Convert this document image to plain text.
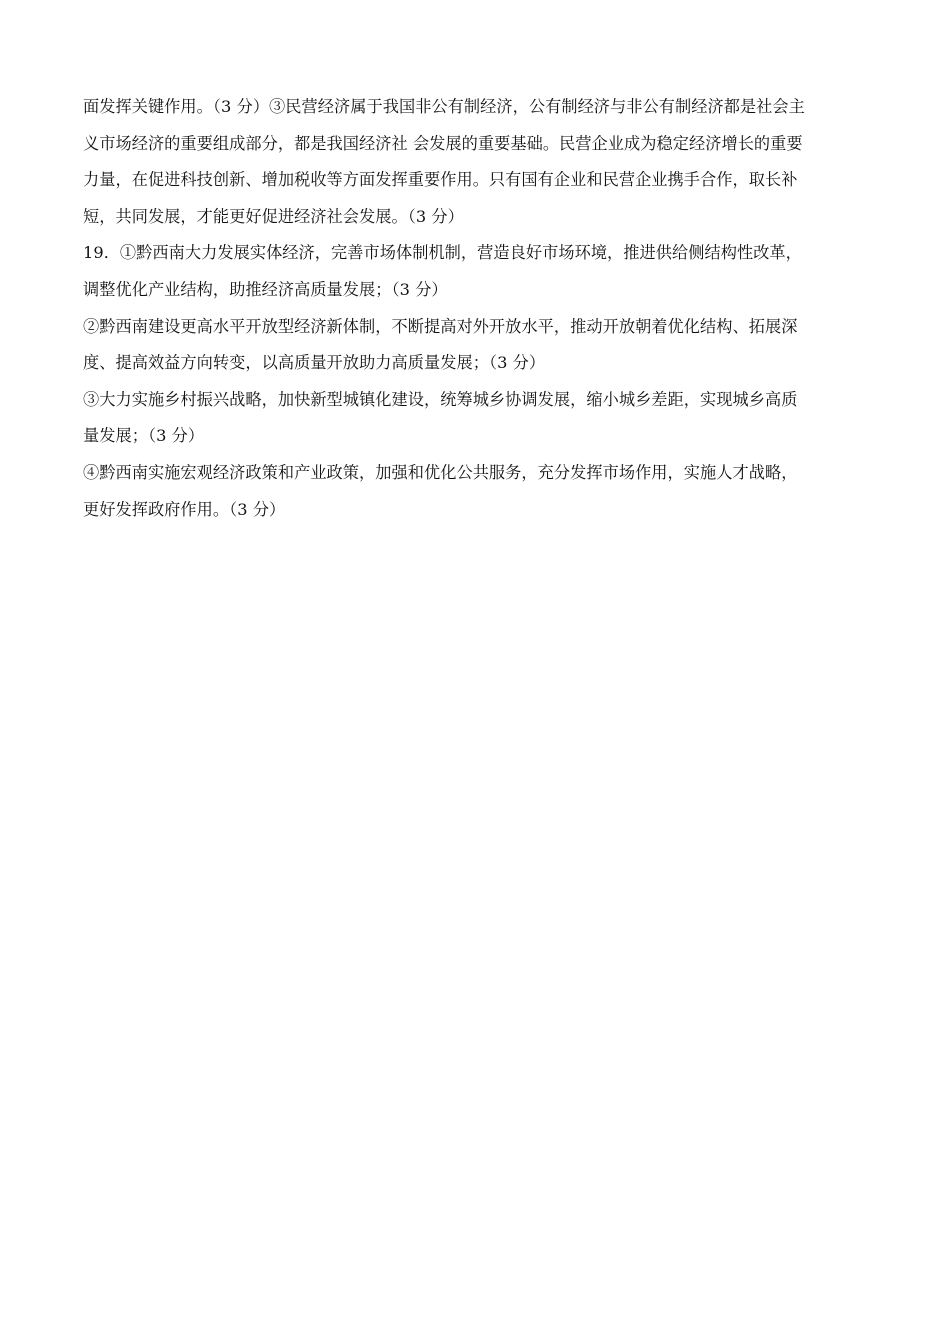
面发挥关键作用。（3 分）③民营经济属于我国非公有制经济，公有制经济与非公有制经济都是社会主
义市场经济的重要组成部分，都是我国经济社 会发展的重要基础。民营企业成为稳定经济增长的重要
力量，在促进科技创新、增加税收等方面发挥重要作用。只有国有企业和民营企业携手合作，取长补
短，共同发展，才能更好促进经济社会发展。（3 分）
19．①黔西南大力发展实体经济，完善市场体制机制，营造良好市场环境，推进供给侧结构性改革，
调整优化产业结构，助推经济高质量发展；（3 分）
②黔西南建设更高水平开放型经济新体制，不断提高对外开放水平，推动开放朝着优化结构、拓展深
度、提高效益方向转变，以高质量开放助力高质量发展；（3 分）
③大力实施乡村振兴战略，加快新型城镇化建设，统筹城乡协调发展，缩小城乡差距，实现城乡高质
量发展；（3 分）
④黔西南实施宏观经济政策和产业政策，加强和优化公共服务，充分发挥市场作用，实施人才战略，
更好发挥政府作用。（3 分）
